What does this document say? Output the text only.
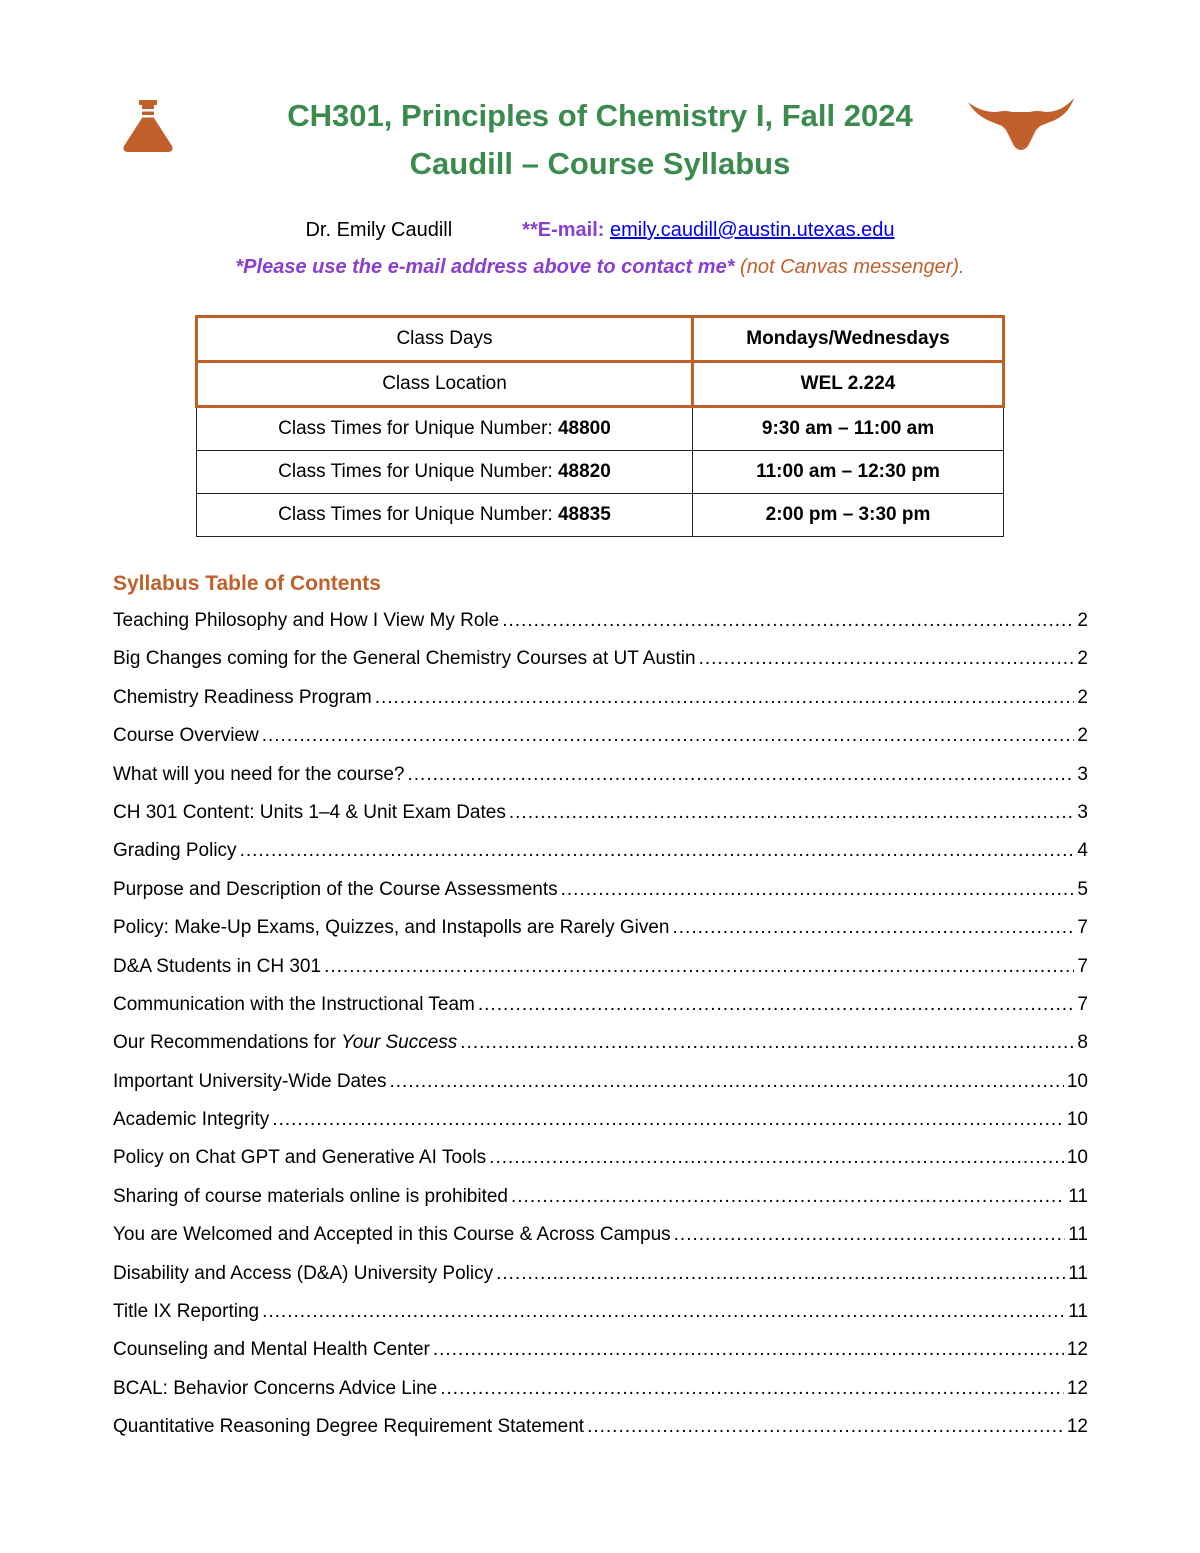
CH301, Principles of Chemistry I, Fall 2024
Caudill – Course Syllabus
Dr. Emily Caudill	**E-mail: emily.caudill@austin.utexas.edu
*Please use the e-mail address above to contact me* (not Canvas messenger).
Class Days	Mondays/Wednesdays
Class Location	WEL 2.224
Class Times for Unique Number: 48800	9:30 am – 11:00 am
Class Times for Unique Number: 48820	11:00 am – 12:30 pm
Class Times for Unique Number: 48835	2:00 pm – 3:30 pm
Syllabus Table of Contents
Teaching Philosophy and How I View My Role .....	2
Big Changes coming for the General Chemistry Courses at UT Austin .....	2
Chemistry Readiness Program .....	2
Course Overview .....	2
What will you need for the course? .....	3
CH 301 Content: Units 1–4 & Unit Exam Dates .....	3
Grading Policy .....	4
Purpose and Description of the Course Assessments .....	5
Policy: Make-Up Exams, Quizzes, and Instapolls are Rarely Given .....	7
D&A Students in CH 301 .....	7
Communication with the Instructional Team .....	7
Our Recommendations for Your Success .....	8
Important University-Wide Dates .....	10
Academic Integrity .....	10
Policy on Chat GPT and Generative AI Tools .....	10
Sharing of course materials online is prohibited .....	11
You are Welcomed and Accepted in this Course & Across Campus .....	11
Disability and Access (D&A) University Policy .....	11
Title IX Reporting .....	11
Counseling and Mental Health Center .....	12
BCAL: Behavior Concerns Advice Line .....	12
Quantitative Reasoning Degree Requirement Statement .....	12
